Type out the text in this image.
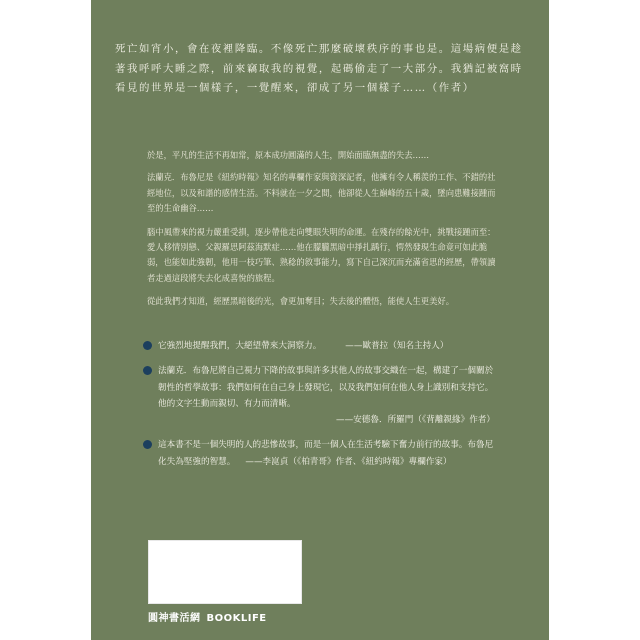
死亡如宵小，會在夜裡降臨。不像死亡那麼破壞秩序的事也是。這場病便是趁著我呼呼大睡之際，前來竊取我的視覺，起碼偷走了一大部分。我猶記被窩時看見的世界是一個樣子，一覺醒來，卻成了另一個樣子……（作者）

於是，平凡的生活不再如常，原本成功圓滿的人生，開始面臨無盡的失去……

法蘭克．布魯尼是《紐約時報》知名的專欄作家與資深記者，他擁有令人稱羨的工作、不錯的社經地位，以及和諧的感情生活。不料就在一夕之間，他卻從人生巔峰的五十歲，墜向患難接踵而至的生命幽谷……

腦中風帶來的視力嚴重受損，逐步帶他走向雙眼失明的命運。在殘存的餘光中，挑戰接踵而至：愛人移情別戀、父親羅思阿茲海默症……他在朦朧黑暗中掙扎踽行，愕然發現生命竟可如此脆弱，也能如此強韌，他用一枝巧筆、熟稔的敘事能力，寫下自己深沉而充滿省思的經歷，帶領讀者走過這段將失去化成喜悅的旅程。

從此我們才知道，經歷黑暗後的光，會更加奪目；失去後的體悟，能使人生更美好。

它強烈地提醒我們，大絕望帶來大洞察力。	——歐普拉（知名主持人）
法蘭克．布魯尼將自己視力下降的故事與許多其他人的故事交織在一起，構建了一個關於韌性的哲學故事：我們如何在自己身上發現它，以及我們如何在他人身上識別和支持它。他的文字生動而親切、有力而清晰。
——安德魯．所羅門（《背離親緣》作者）
這本書不是一個失明的人的悲慘故事，而是一個人在生活考驗下奮力前行的故事。布魯尼化失為堅強的智慧。 ——李崑貞（《柏青哥》作者、《紐約時報》專欄作家）
圓神書活網 BOOKLIFE
